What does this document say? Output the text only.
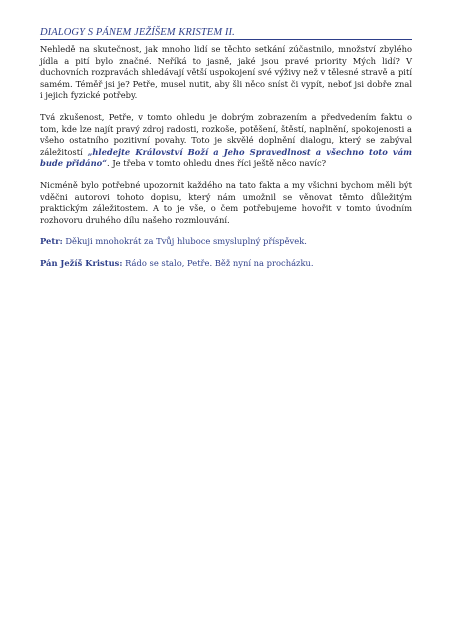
DIALOGY S PÁNEM JEŽÍŠEM KRISTEM II.

Nehledě na skutečnost, jak mnoho lidí se těchto setkání zúčastnilo, množství zbylého jídla a pití bylo značné. Neříká to jasně, jaké jsou pravé priority Mých lidí? V duchovních rozpravách shledávají větší uspokojení své výživy než v tělesné stravě a pití samém. Téměř jsi je? Petře, musel nutit, aby šli něco sníst či vypít, neboť jsi dobře znal i jejich fyzické potřeby.

Tvá zkušenost, Petře, v tomto ohledu je dobrým zobrazením a předvedením faktu o tom, kde lze najít pravý zdroj radosti, rozkoše, potěšení, štěstí, naplnění, spokojenosti a všeho ostatního pozitivní povahy. Toto je skvělé doplnění dialogu, který se zabýval záležitostí „hledejte Království Boží a Jeho Spravedlnost a všechno toto vám bude přidáno“. Je třeba v tomto ohledu dnes říci ještě něco navíc?

Nicméně bylo potřebné upozornit každého na tato fakta a my všichni bychom měli být vděčni autorovi tohoto dopisu, který nám umožnil se věnovat těmto důležitým praktickým záležitostem. A to je vše, o čem potřebujeme hovořit v tomto úvodním rozhovoru druhého dílu našeho rozmlouvání.

Petr: Děkuji mnohokrát za Tvůj hluboce smysluplný příspěvek.

Pán Ježíš Kristus: Rádo se stalo, Petře. Běž nyní na procházku.
